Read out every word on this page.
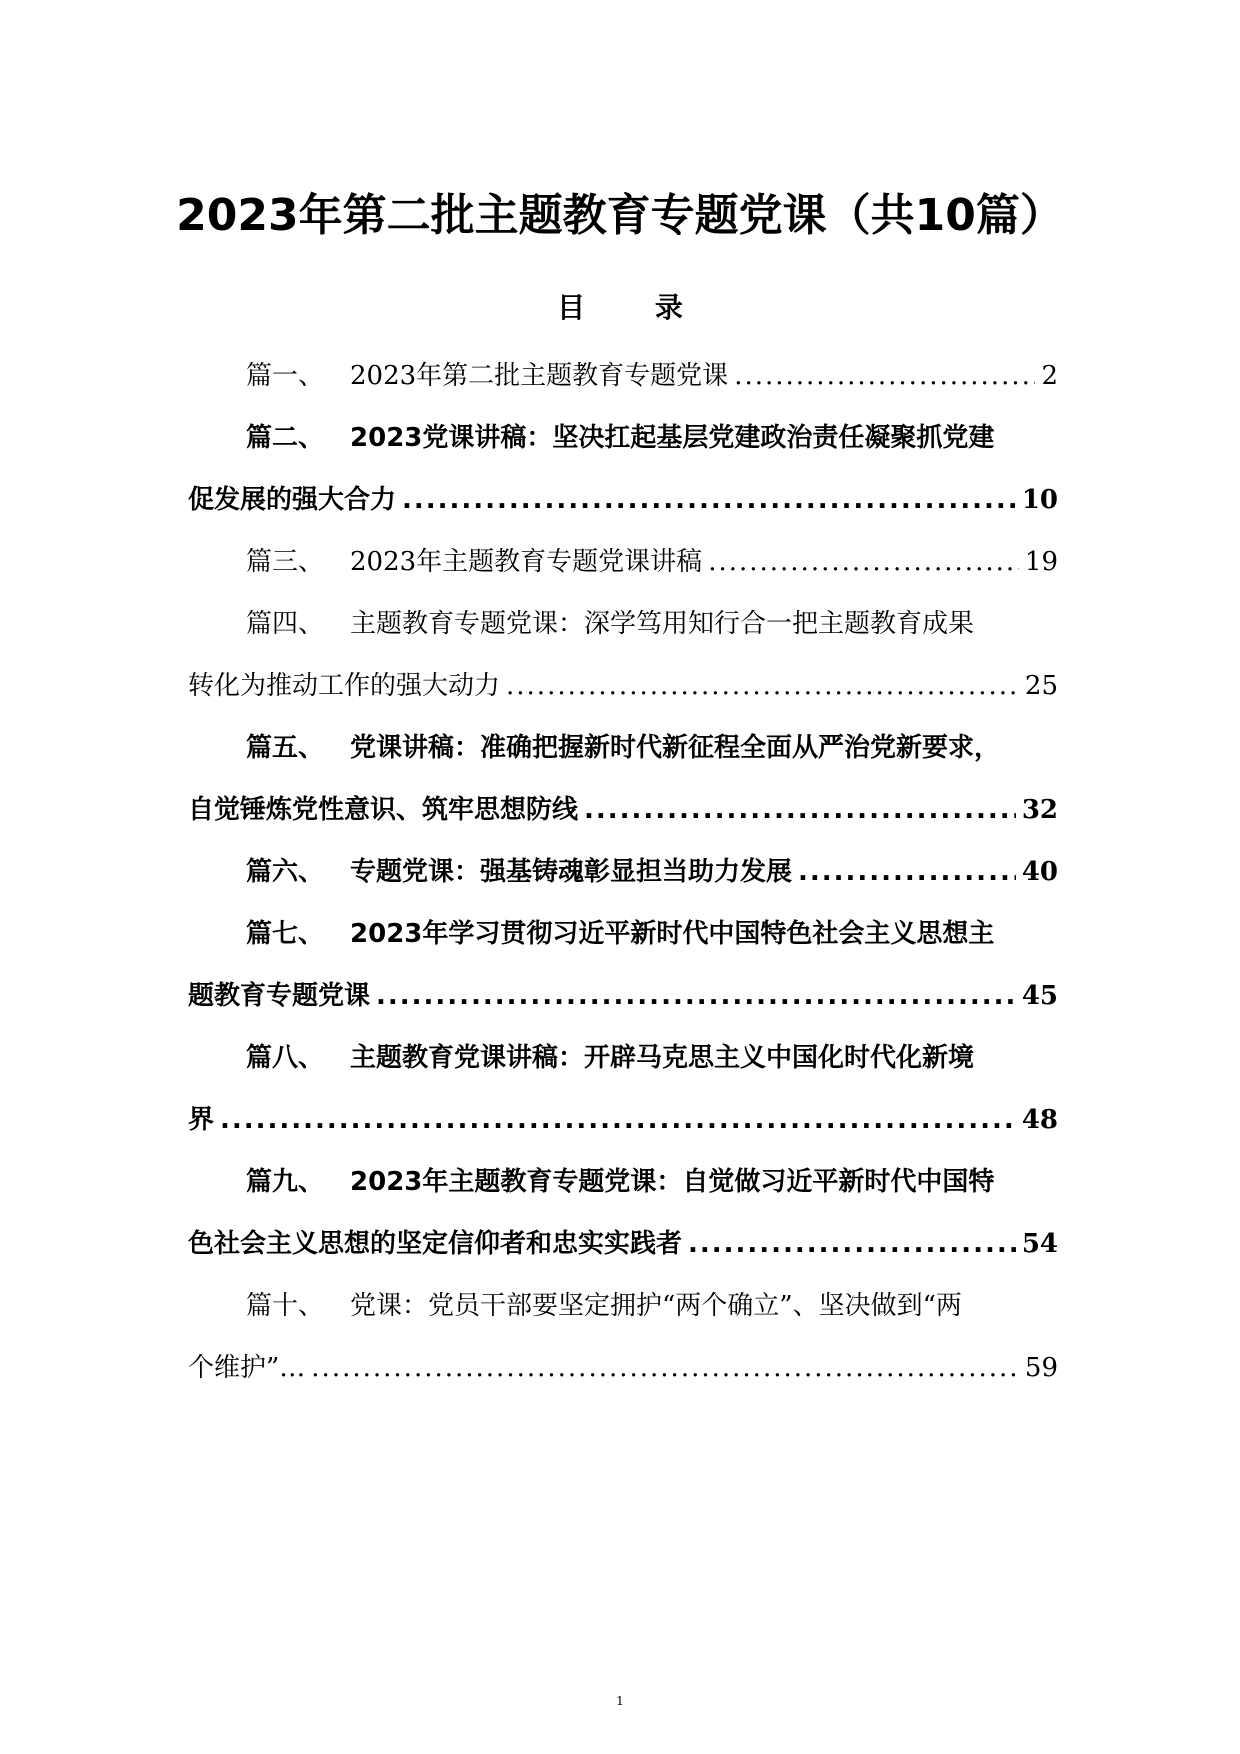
2023年第二批主题教育专题党课（共10篇）
目 录
篇一、 2023年第二批主题教育专题党课 .....	2
篇二、 2023党课讲稿：坚决扛起基层党建政治责任凝聚抓党建
促发展的强大合力 .....	10
篇三、 2023年主题教育专题党课讲稿 .....	19
篇四、 主题教育专题党课：深学笃用知行合一把主题教育成果
转化为推动工作的强大动力 .....	25
篇五、 党课讲稿：准确把握新时代新征程全面从严治党新要求，
自觉锤炼党性意识、筑牢思想防线 .....	32
篇六、 专题党课：强基铸魂彰显担当助力发展 .....	40
篇七、 2023年学习贯彻习近平新时代中国特色社会主义思想主
题教育专题党课 .....	45
篇八、 主题教育党课讲稿：开辟马克思主义中国化时代化新境
界 .....	48
篇九、 2023年主题教育专题党课：自觉做习近平新时代中国特
色社会主义思想的坚定信仰者和忠实实践者 .....	54
篇十、 党课：党员干部要坚定拥护“两个确立”、坚决做到“两
个维护”… .....	59
1
